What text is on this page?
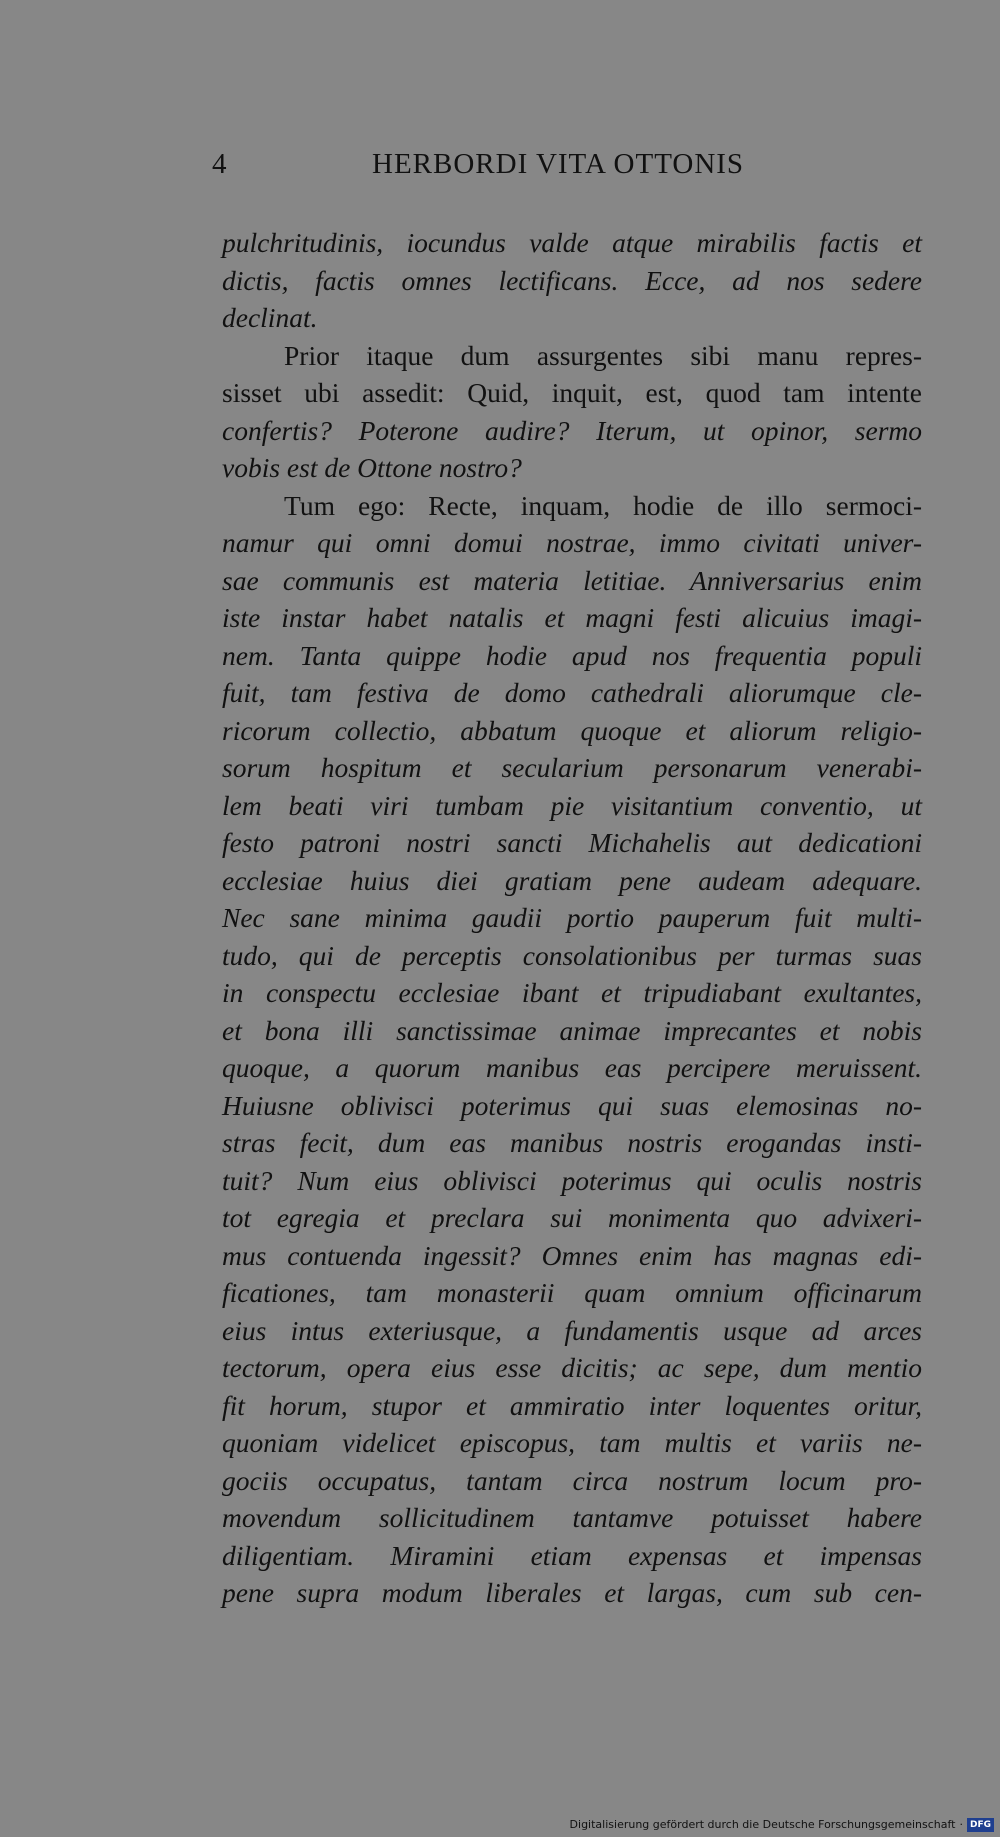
4	HERBORDI VITA OTTONIS
pulchritudinis, iocundus valde atque mirabilis factis et
dictis, factis omnes lectificans. Ecce, ad nos sedere
declinat.
Prior itaque dum assurgentes sibi manu repres-
sisset ubi assedit: Quid, inquit, est, quod tam intente
confertis? Poterone audire? Iterum, ut opinor, sermo
vobis est de Ottone nostro?
Tum ego: Recte, inquam, hodie de illo sermoci-
namur qui omni domui nostrae, immo civitati univer-
sae communis est materia letitiae. Anniversarius enim
iste instar habet natalis et magni festi alicuius imagi-
nem. Tanta quippe hodie apud nos frequentia populi
fuit, tam festiva de domo cathedrali aliorumque cle-
ricorum collectio, abbatum quoque et aliorum religio-
sorum hospitum et secularium personarum venerabi-
lem beati viri tumbam pie visitantium conventio, ut
festo patroni nostri sancti Michahelis aut dedicationi
ecclesiae huius diei gratiam pene audeam adequare.
Nec sane minima gaudii portio pauperum fuit multi-
tudo, qui de perceptis consolationibus per turmas suas
in conspectu ecclesiae ibant et tripudiabant exultantes,
et bona illi sanctissimae animae imprecantes et nobis
quoque, a quorum manibus eas percipere meruissent.
Huiusne oblivisci poterimus qui suas elemosinas no-
stras fecit, dum eas manibus nostris erogandas insti-
tuit? Num eius oblivisci poterimus qui oculis nostris
tot egregia et preclara sui monimenta quo advixeri-
mus contuenda ingessit? Omnes enim has magnas edi-
ficationes, tam monasterii quam omnium officinarum
eius intus exteriusque, a fundamentis usque ad arces
tectorum, opera eius esse dicitis; ac sepe, dum mentio
fit horum, stupor et ammiratio inter loquentes oritur,
quoniam videlicet episcopus, tam multis et variis ne-
gociis occupatus, tantam circa nostrum locum pro-
movendum sollicitudinem tantamve potuisset habere
diligentiam. Miramini etiam expensas et impensas
pene supra modum liberales et largas, cum sub cen-
Digitalisierung gefördert durch die Deutsche Forschungsgemeinschaft · DFG
